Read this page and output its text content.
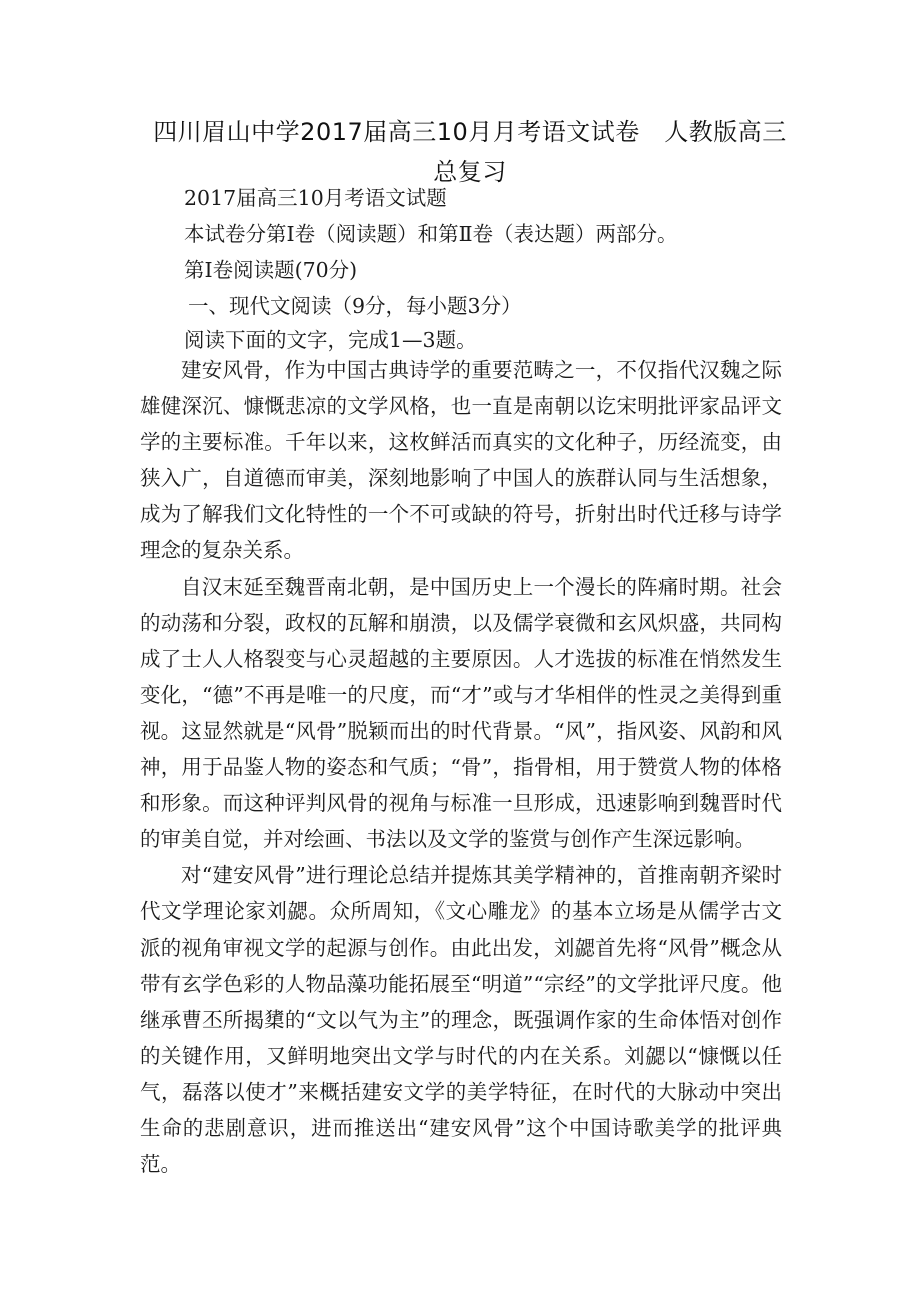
四川眉山中学2017届高三10月月考语文试卷　人教版高三总复习

2017届高三10月考语文试题

本试卷分第Ⅰ卷（阅读题）和第Ⅱ卷（表达题）两部分。

第Ⅰ卷阅读题(70分)

一、现代文阅读（9分，每小题3分）

阅读下面的文字，完成1—3题。

建安风骨，作为中国古典诗学的重要范畴之一，不仅指代汉魏之际雄健深沉、慷慨悲凉的文学风格，也一直是南朝以讫宋明批评家品评文学的主要标准。千年以来，这枚鲜活而真实的文化种子，历经流变，由狭入广，自道德而审美，深刻地影响了中国人的族群认同与生活想象，成为了解我们文化特性的一个不可或缺的符号，折射出时代迁移与诗学理念的复杂关系。

自汉末延至魏晋南北朝，是中国历史上一个漫长的阵痛时期。社会的动荡和分裂，政权的瓦解和崩溃，以及儒学衰微和玄风炽盛，共同构成了士人人格裂变与心灵超越的主要原因。人才选拔的标准在悄然发生变化，“德”不再是唯一的尺度，而“才”或与才华相伴的性灵之美得到重视。这显然就是“风骨”脱颖而出的时代背景。“风”，指风姿、风韵和风神，用于品鉴人物的姿态和气质；“骨”，指骨相，用于赞赏人物的体格和形象。而这种评判风骨的视角与标准一旦形成，迅速影响到魏晋时代的审美自觉，并对绘画、书法以及文学的鉴赏与创作产生深远影响。

对“建安风骨”进行理论总结并提炼其美学精神的，首推南朝齐梁时代文学理论家刘勰。众所周知，《文心雕龙》的基本立场是从儒学古文派的视角审视文学的起源与创作。由此出发，刘勰首先将“风骨”概念从带有玄学色彩的人物品藻功能拓展至“明道”“宗经”的文学批评尺度。他继承曹丕所揭橥的“文以气为主”的理念，既强调作家的生命体悟对创作的关键作用，又鲜明地突出文学与时代的内在关系。刘勰以“慷慨以任气，磊落以使才”来概括建安文学的美学特征，在时代的大脉动中突出生命的悲剧意识，进而推送出“建安风骨”这个中国诗歌美学的批评典范。
